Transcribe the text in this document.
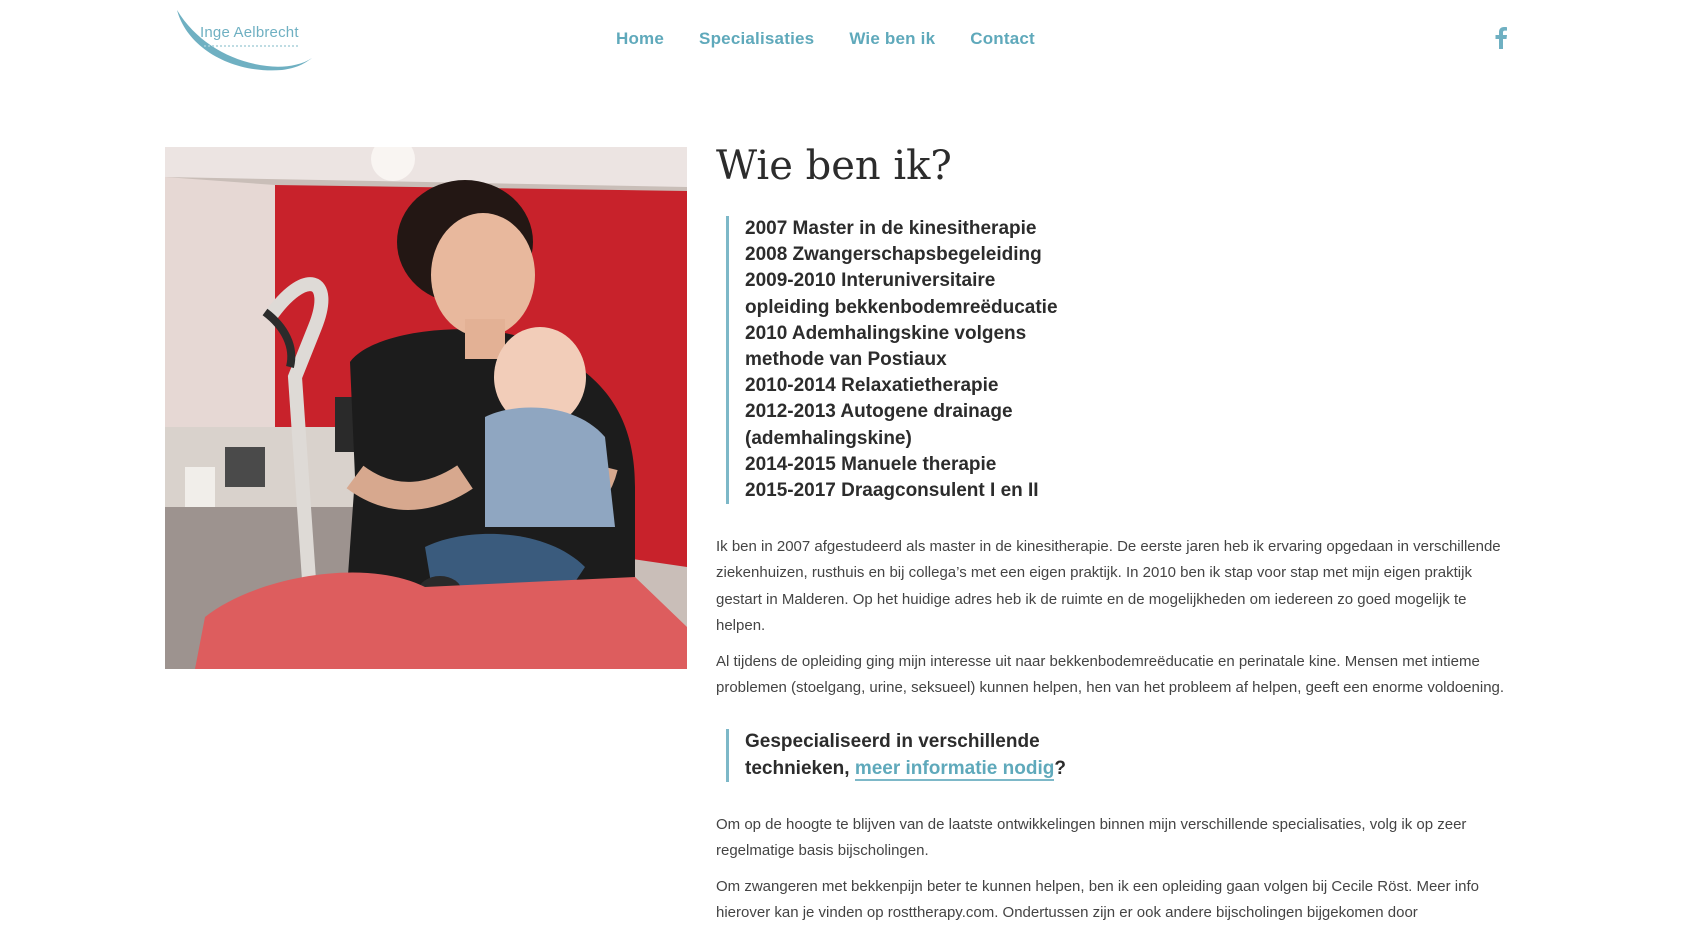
Inge Aelbrecht	Home Specialisaties Wie ben ik Contact
Wie ben ik?
2007 Master in de kinesitherapie
2008 Zwangerschapsbegeleiding
2009-2010 Interuniversitaire
opleiding bekkenbodemreëducatie
2010 Ademhalingskine volgens
methode van Postiaux
2010-2014 Relaxatietherapie
2012-2013 Autogene drainage
(ademhalingskine)
2014-2015 Manuele therapie
2015-2017 Draagconsulent I en II

Ik ben in 2007 afgestudeerd als master in de kinesitherapie. De eerste jaren heb ik ervaring opgedaan in verschillende ziekenhuizen, rusthuis en bij collega’s met een eigen praktijk. In 2010 ben ik stap voor stap met mijn eigen praktijk gestart in Malderen. Op het huidige adres heb ik de ruimte en de mogelijkheden om iedereen zo goed mogelijk te helpen.

Al tijdens de opleiding ging mijn interesse uit naar bekkenbodemreëducatie en perinatale kine. Mensen met intieme problemen (stoelgang, urine, seksueel) kunnen helpen, hen van het probleem af helpen, geeft een enorme voldoening.

Gespecialiseerd in verschillende
technieken, meer informatie nodig?

Om op de hoogte te blijven van de laatste ontwikkelingen binnen mijn verschillende specialisaties, volg ik op zeer regelmatige basis bijscholingen.

Om zwangeren met bekkenpijn beter te kunnen helpen, ben ik een opleiding gaan volgen bij Cecile Röst. Meer info hierover kan je vinden op rosttherapy.com. Ondertussen zijn er ook andere bijscholingen bijgekomen door
